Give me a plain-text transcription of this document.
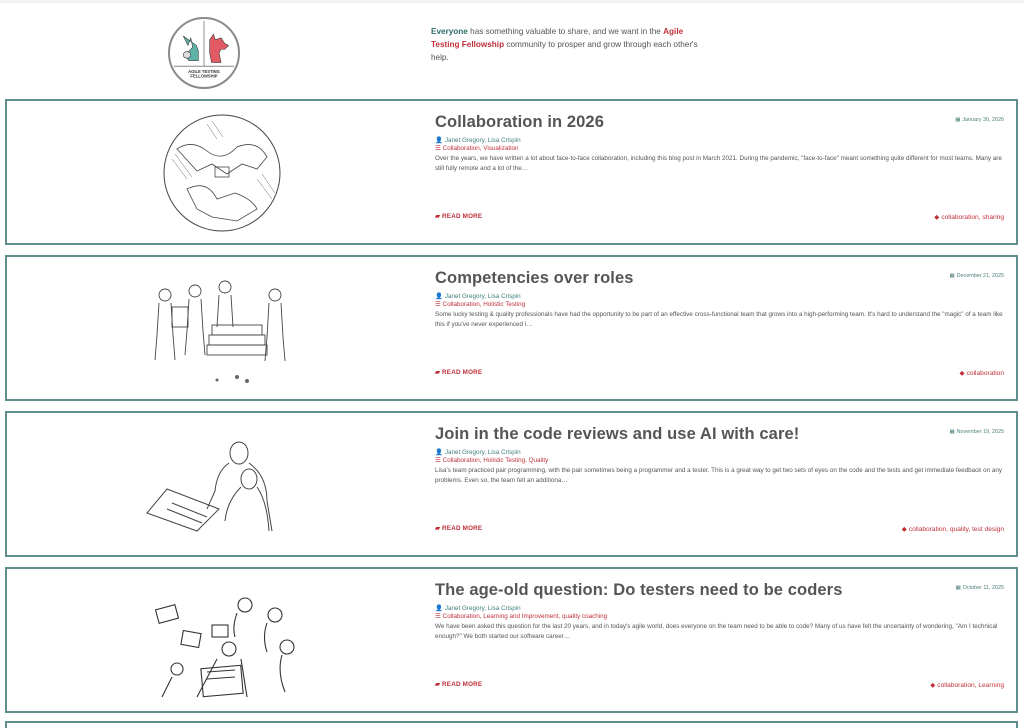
AGILE TESTING
FELLOWSHIP

Everyone has something valuable to share, and we want in the Agile Testing Fellowship community to prosper and grow through each other's help.

Collaboration in 2026	▦ January 30, 2026
👤 Janet Gregory, Lisa Crispin
☰ Collaboration, Visualization

Over the years, we have written a lot about face-to-face collaboration, including this blog post in March 2021. During the pandemic, "face-to-face" meant something quite different for most teams. Many are still fully remote and a lot of the…

▰ READ MORE	◆ collaboration, sharing
Competencies over roles	▦ December 21, 2025
👤 Janet Gregory, Lisa Crispin
☰ Collaboration, Holistic Testing

Some lucky testing & quality professionals have had the opportunity to be part of an effective cross-functional team that grows into a high-performing team. It's hard to understand the "magic" of a team like this if you've never experienced i…

▰ READ MORE	◆ collaboration
Join in the code reviews and use AI with care!	▦ November 19, 2025
👤 Janet Gregory, Lisa Crispin
☰ Collaboration, Holistic Testing, Quality

Lisa's team practiced pair programming, with the pair sometimes being a programmer and a tester. This is a great way to get two sets of eyes on the code and the tests and get immediate feedback on any problems. Even so, the team felt an additiona…

▰ READ MORE	◆ collaboration, quality, test design
The age-old question: Do testers need to be coders	▦ October 11, 2025
👤 Janet Gregory, Lisa Crispin
☰ Collaboration, Learning and Improvement, quality coaching

We have been asked this question for the last 20 years, and in today's agile world, does everyone on the team need to be able to code? Many of us have felt the uncertainty of wondering, "Am I technical enough?" We both started our software career…

▰ READ MORE	◆ collaboration, Learning
